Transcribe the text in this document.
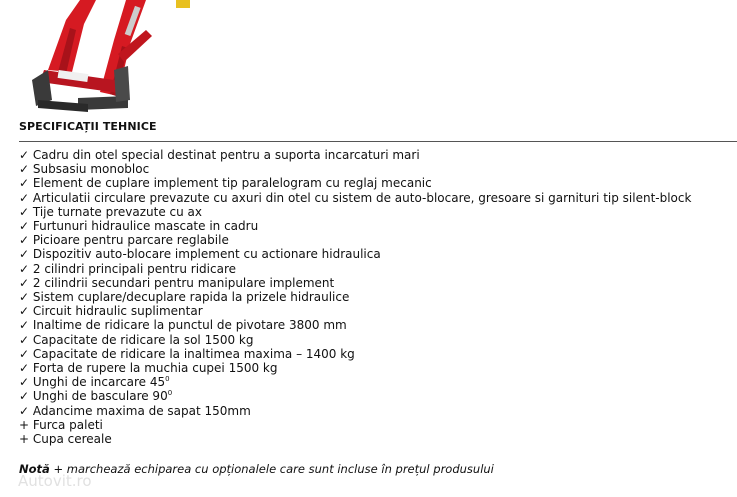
SPECIFICAȚII TEHNICE
✓ Cadru din otel special destinat pentru a suporta incarcaturi mari
✓ Subsasiu monobloc
✓ Element de cuplare implement tip paralelogram cu reglaj mecanic
✓ Articulatii circulare prevazute cu axuri din otel cu sistem de auto-blocare, gresoare si garnituri tip silent-block
✓ Tije turnate prevazute cu ax
✓ Furtunuri hidraulice mascate in cadru
✓ Picioare pentru parcare reglabile
✓ Dispozitiv auto-blocare implement cu actionare hidraulica
✓ 2 cilindri principali pentru ridicare
✓ 2 cilindrii secundari pentru manipulare implement
✓ Sistem cuplare/decuplare rapida la prizele hidraulice
✓ Circuit hidraulic suplimentar
✓ Inaltime de ridicare la punctul de pivotare 3800 mm
✓ Capacitate de ridicare la sol 1500 kg
✓ Capacitate de ridicare la inaltimea maxima – 1400 kg
✓ Forta de rupere la muchia cupei 1500 kg
✓ Unghi de incarcare $45^0$
✓ Unghi de basculare $90^0$
✓ Adancime maxima de sapat 150mm
+ Furca paleti
+ Cupa cereale
Notă + marchează echiparea cu opționalele care sunt incluse în prețul produsului
Autovit.ro
